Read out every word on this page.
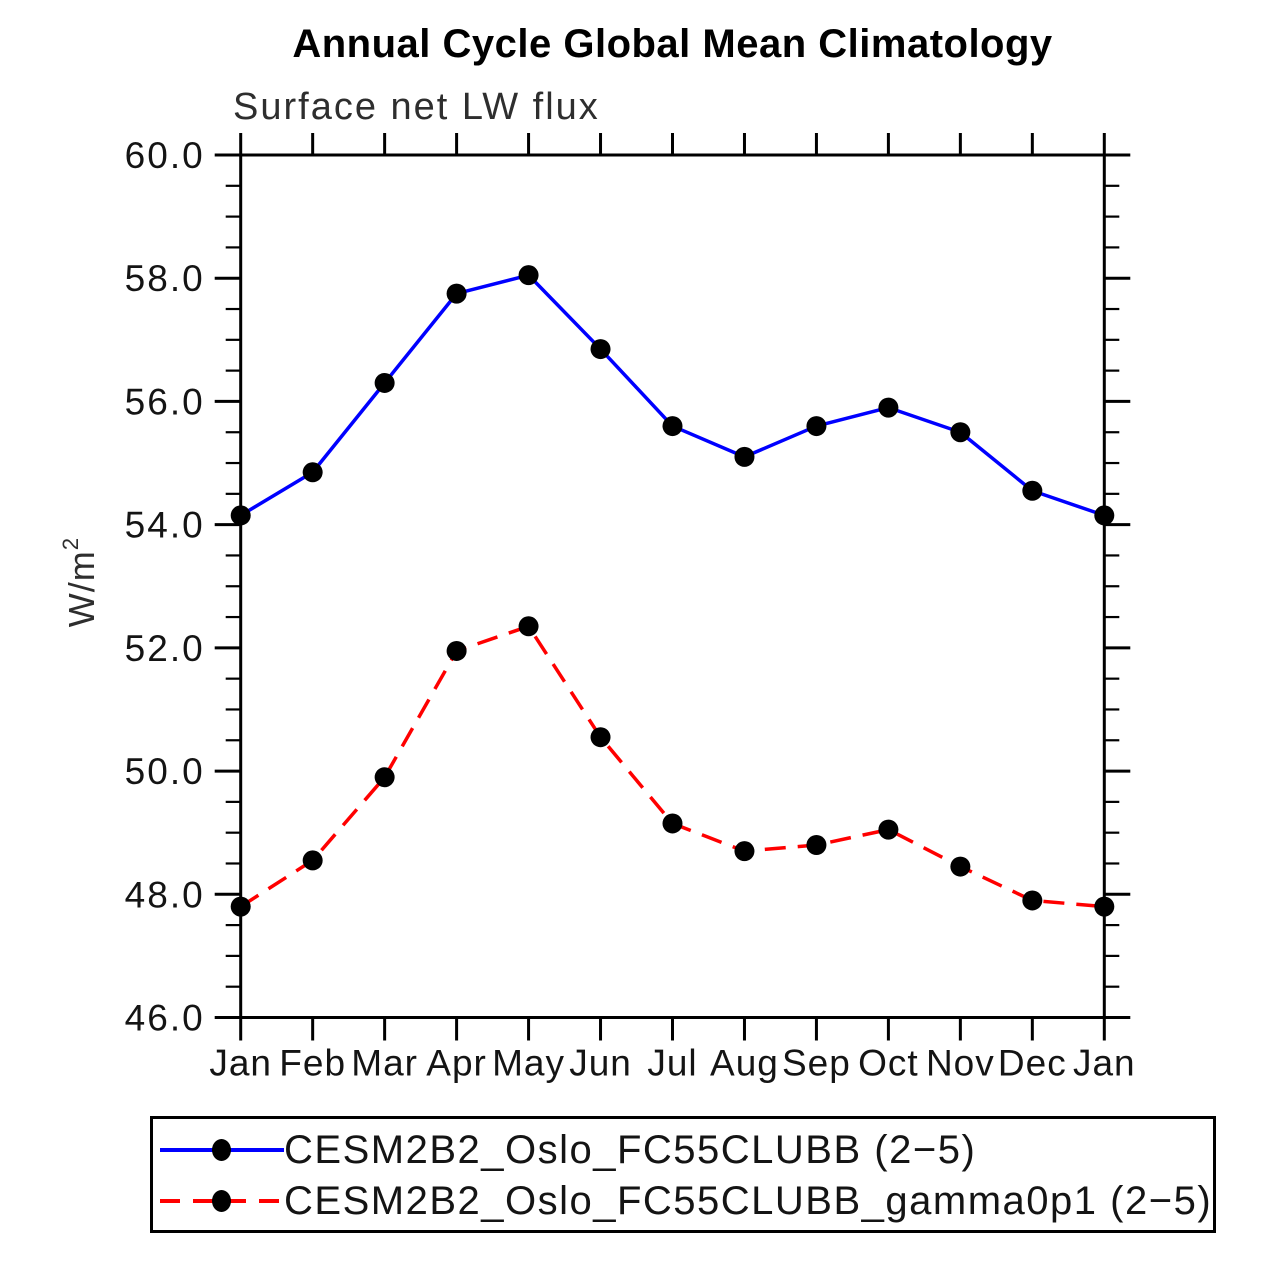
Annual Cycle Global Mean Climatology
Surface net LW flux
$W/m^2$
Jan Feb Mar Apr May Jun Jul Aug Sep Oct Nov Dec Jan
46.0
48.0
50.0
52.0
54.0
56.0
58.0
60.0
CESM2B2_Oslo_FC55CLUBB (2−5)
CESM2B2_Oslo_FC55CLUBB_gamma0p1 (2−5)
